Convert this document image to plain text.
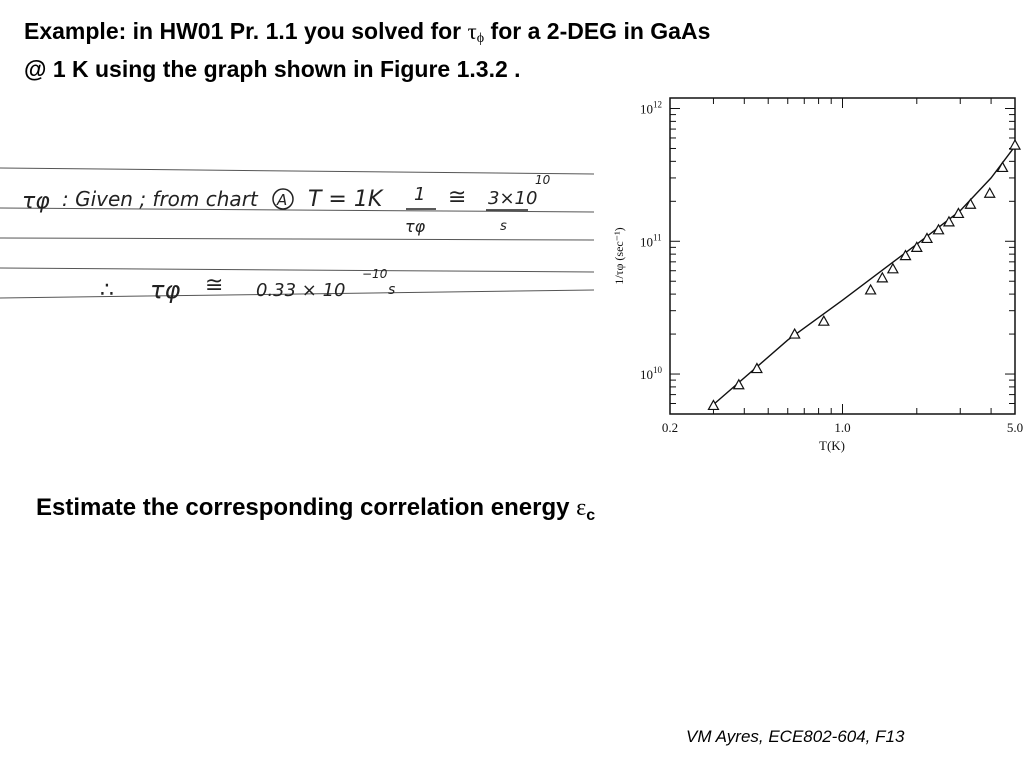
Example: in HW01 Pr. 1.1 you solved for $\tau_\phi$ for a 2-DEG in GaAs
@ 1 K using the graph shown in Figure 1.3.2 .
τφ : Given ; from chart A T = 1K 1
τφ
≅ 3×10
10
s
∴ τφ ≅ 0.33 × 10
−10
s
0.2	1.0	5.0
$10^{10}$
$10^{11}$
$10^{12}$
T(K)
1/τφ (sec⁻¹)
Estimate the corresponding correlation energy $\varepsilon_c$
VM Ayres, ECE802-604, F13
